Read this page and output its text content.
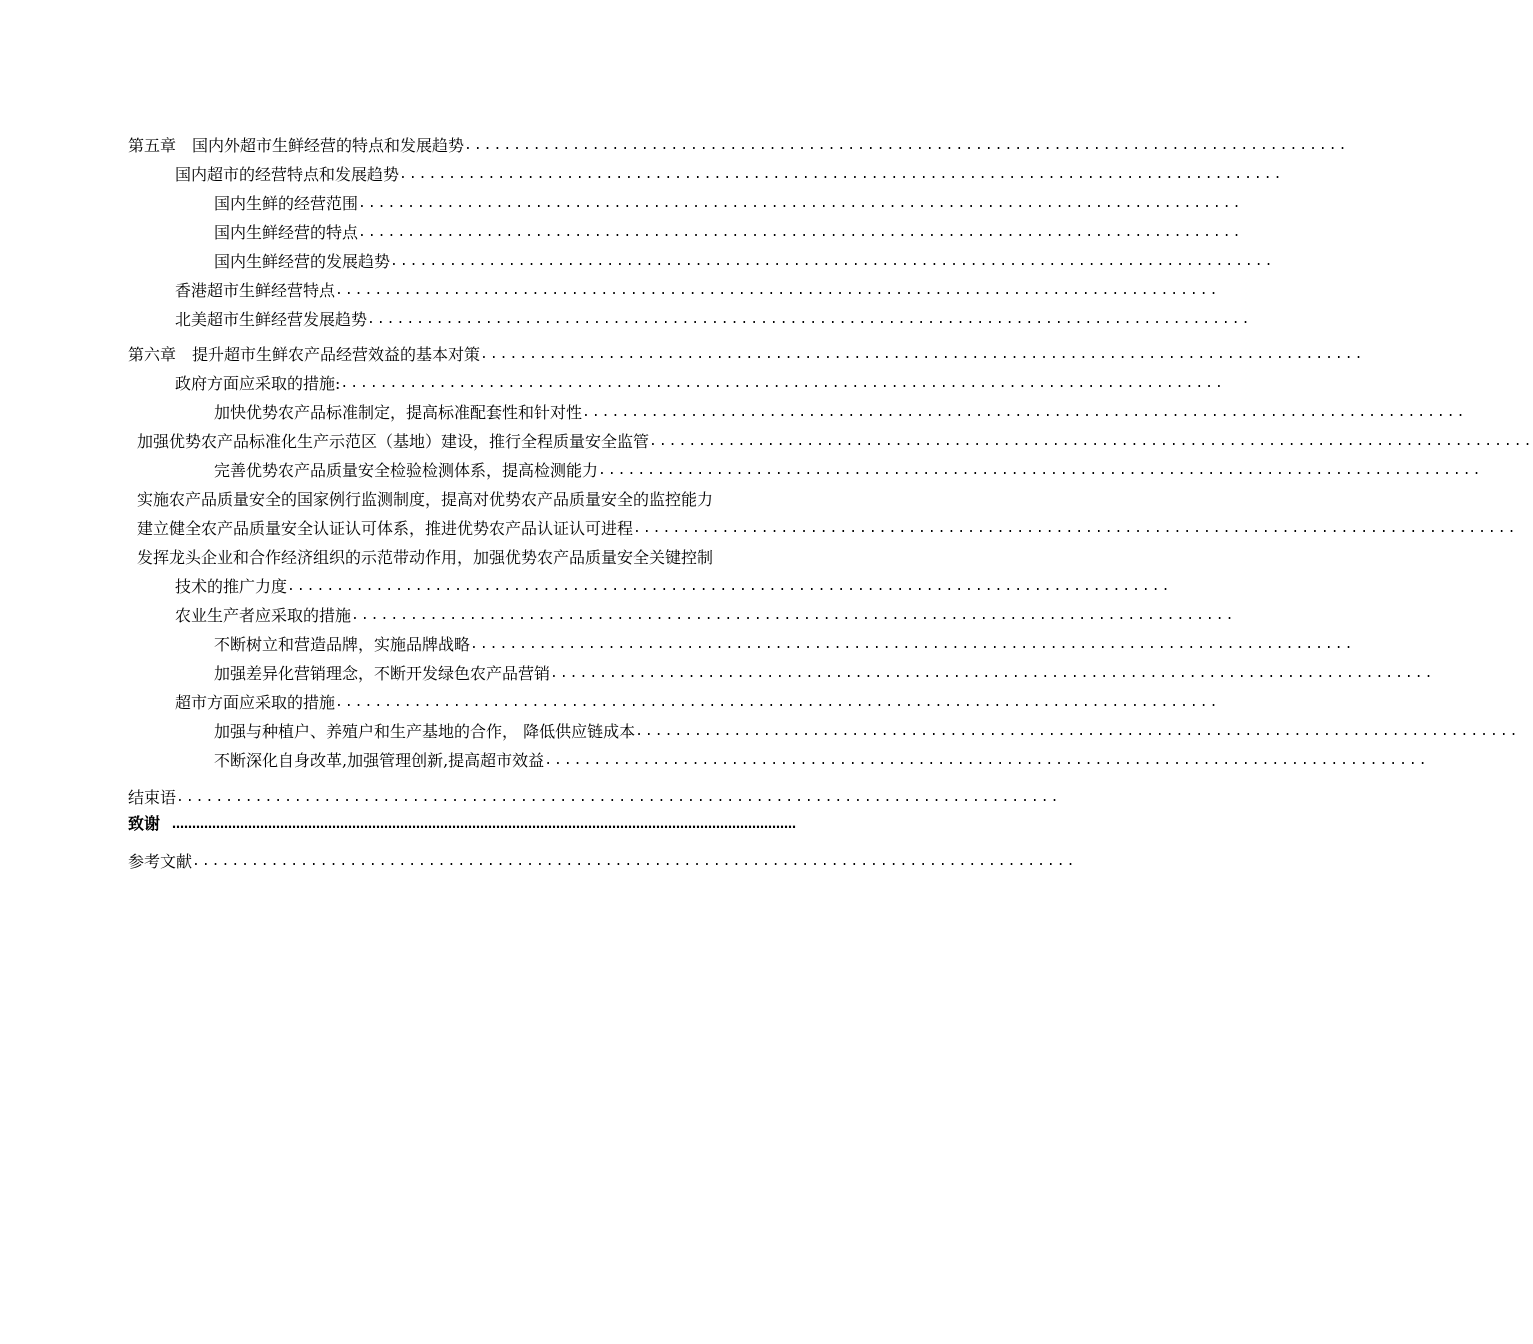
第五章　国内外超市生鲜经营的特点和发展趋势 ..........................................................................................
国内超市的经营特点和发展趋势 ..........................................................................................
国内生鲜的经营范围 ..........................................................................................
国内生鲜经营的特点 ..........................................................................................
国内生鲜经营的发展趋势 ..........................................................................................
香港超市生鲜经营特点 ..........................................................................................
北美超市生鲜经营发展趋势 ..........................................................................................
第六章　提升超市生鲜农产品经营效益的基本对策 ..........................................................................................
政府方面应采取的措施: ..........................................................................................
加快优势农产品标准制定，提高标准配套性和针对性 ..........................................................................................
加强优势农产品标准化生产示范区（基地）建设，推行全程质量安全监管 ..........................................................................................
完善优势农产品质量安全检验检测体系，提高检测能力 ..........................................................................................
实施农产品质量安全的国家例行监测制度，提高对优势农产品质量安全的监控能力
建立健全农产品质量安全认证认可体系，推进优势农产品认证认可进程 ..........................................................................................
发挥龙头企业和合作经济组织的示范带动作用，加强优势农产品质量安全关键控制
技术的推广力度 ..........................................................................................
农业生产者应采取的措施 ..........................................................................................
不断树立和营造品牌，实施品牌战略 ..........................................................................................
加强差异化营销理念，不断开发绿色农产品营销 ..........................................................................................
超市方面应采取的措施 ..........................................................................................
加强与种植户、养殖户和生产基地的合作， 降低供应链成本 ..........................................................................................
不断深化自身改革,加强管理创新,提高超市效益 ..........................................................................................
结束语 ..........................................................................................
致谢 …………………………………………………………………………………………………………………………………………
参考文献 ..........................................................................................
